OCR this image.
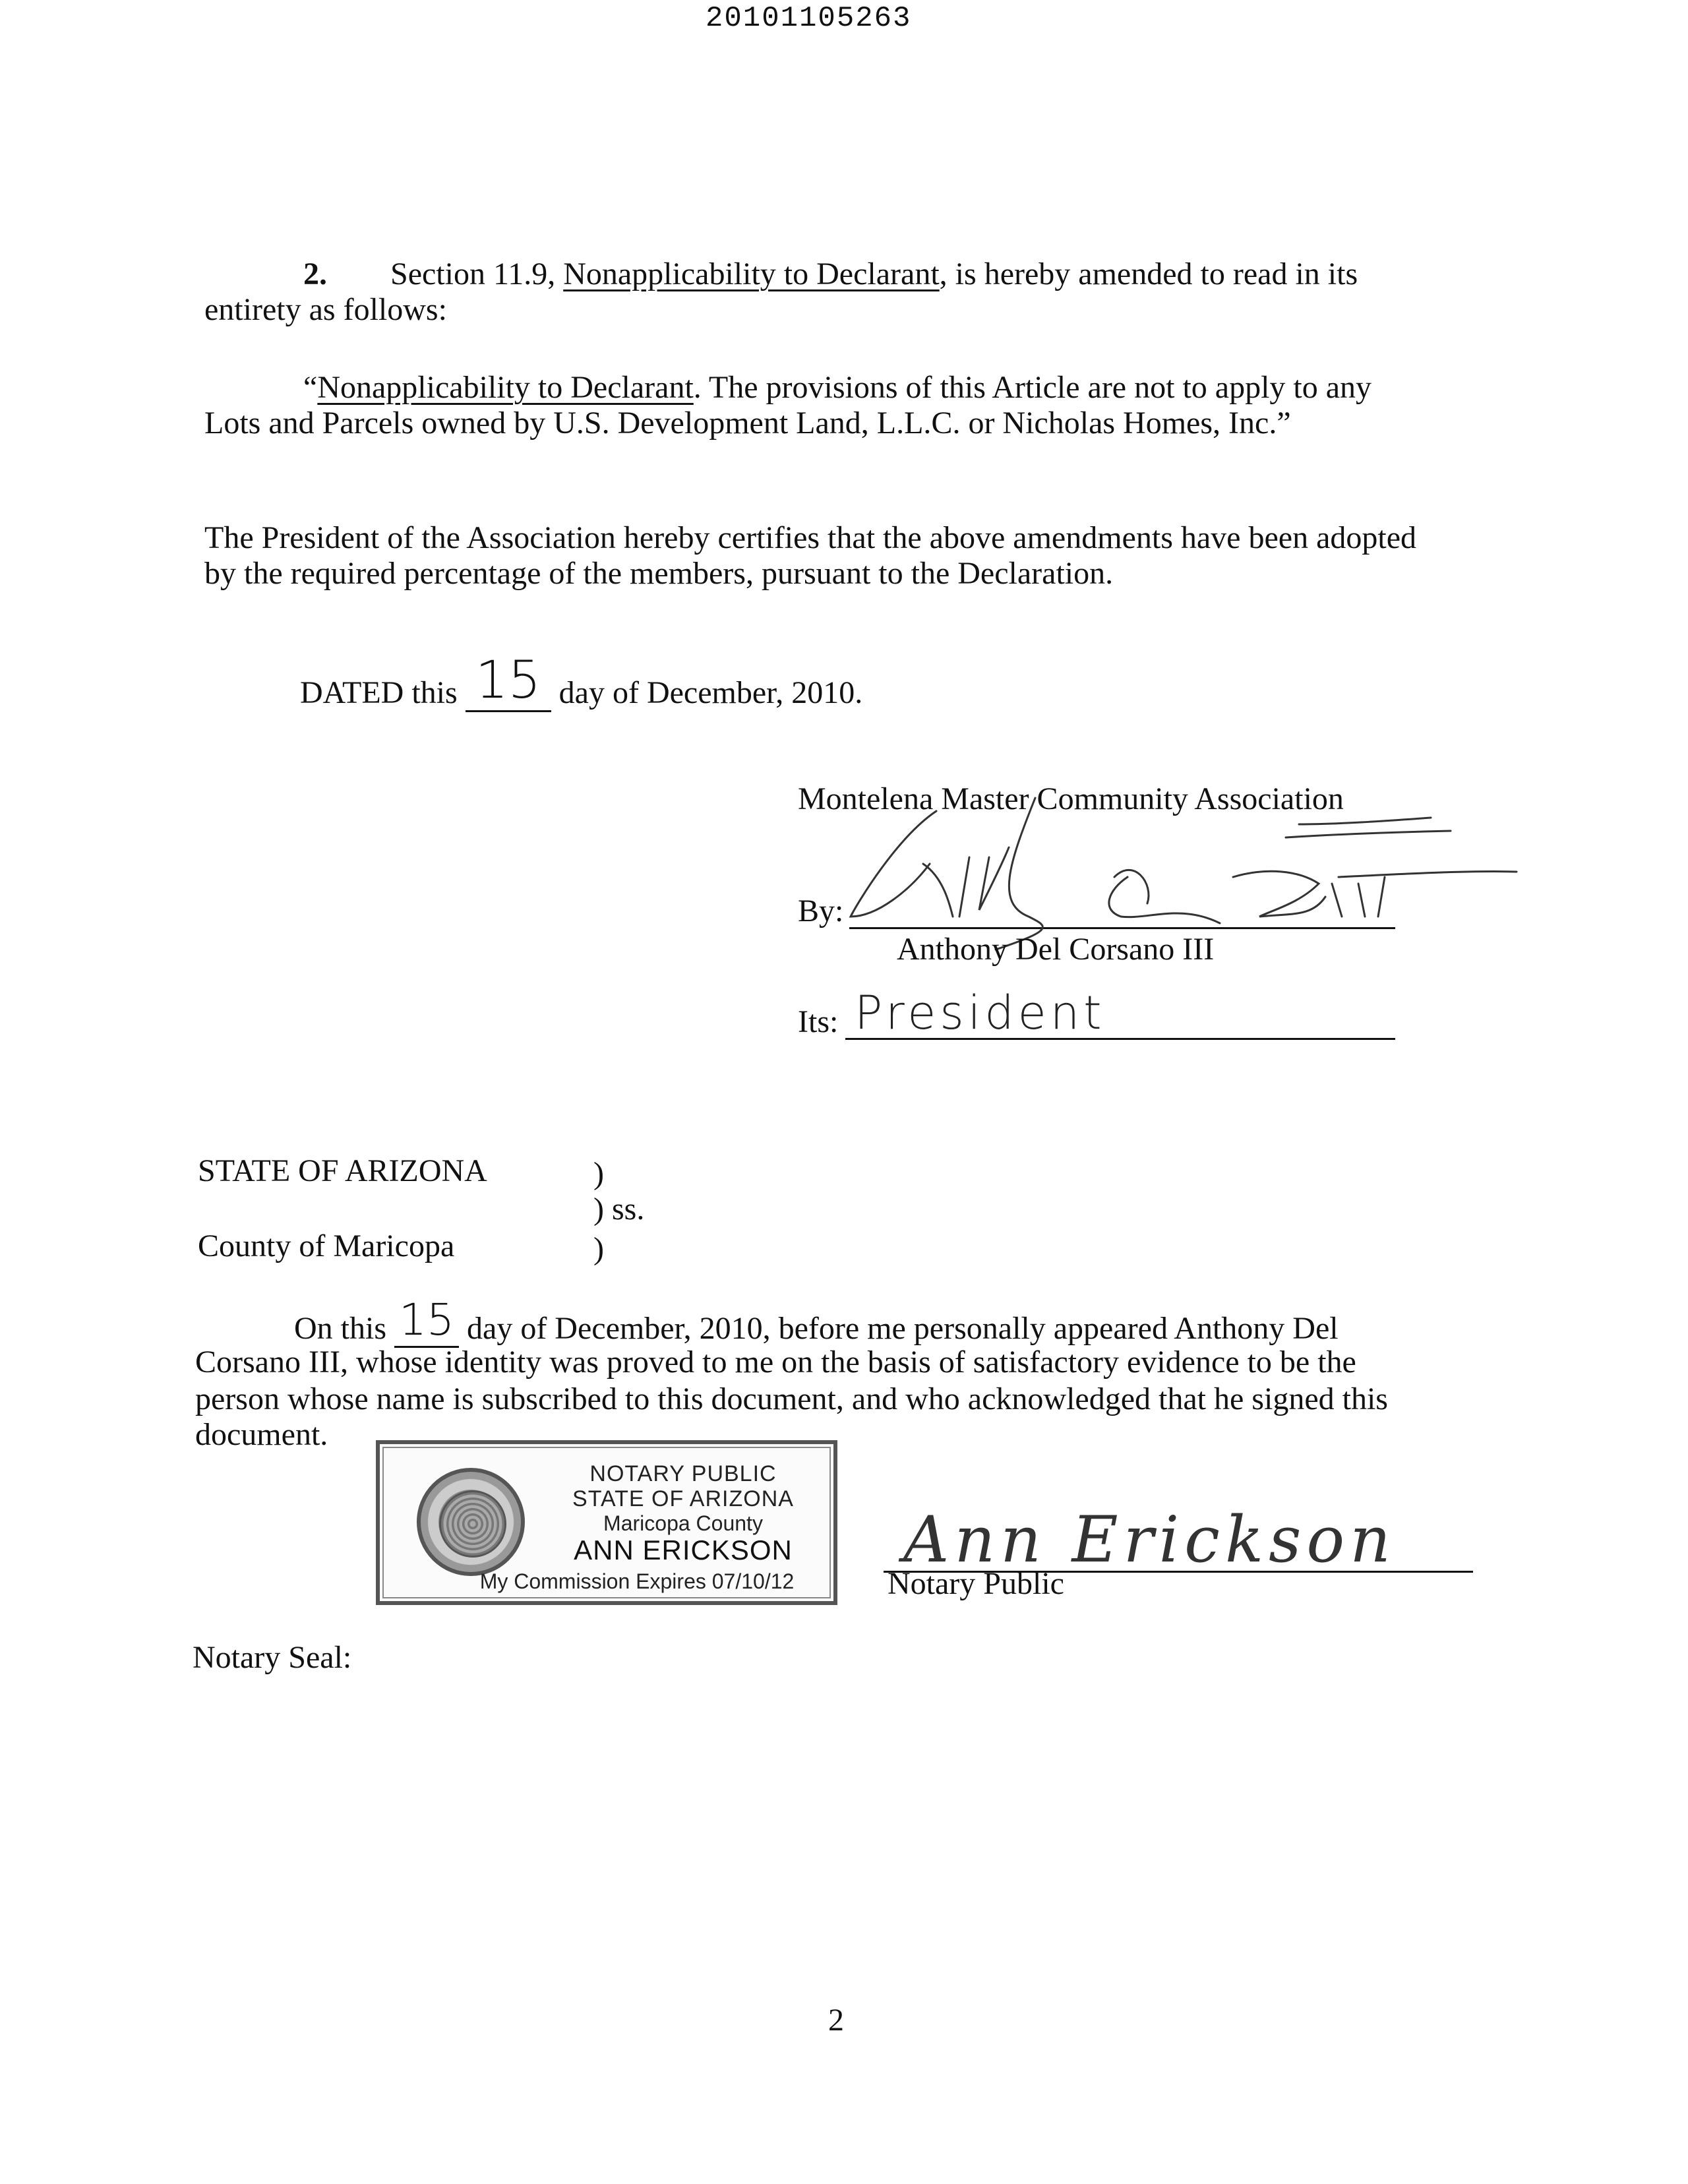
20101105263
2. Section 11.9, Nonapplicability to Declarant, is hereby amended to read in its
entirety as follows:
“Nonapplicability to Declarant. The provisions of this Article are not to apply to any
Lots and Parcels owned by U.S. Development Land, L.L.C. or Nicholas Homes, Inc.”
The President of the Association hereby certifies that the above amendments have been adopted
by the required percentage of the members, pursuant to the Declaration.
DATED this 15 day of December, 2010.
Montelena Master Community Association
By:
Anthony Del Corsano III
Its: President
STATE OF ARIZONA	)
) ss.
County of Maricopa	)
On this 15 day of December, 2010, before me personally appeared Anthony Del
Corsano III, whose identity was proved to me on the basis of satisfactory evidence to be the
person whose name is subscribed to this document, and who acknowledged that he signed this
document.
NOTARY PUBLIC
STATE OF ARIZONA
Maricopa County
ANN ERICKSON
My Commission Expires 07/10/12
Ann Erickson
Notary Public
Notary Seal:
2
